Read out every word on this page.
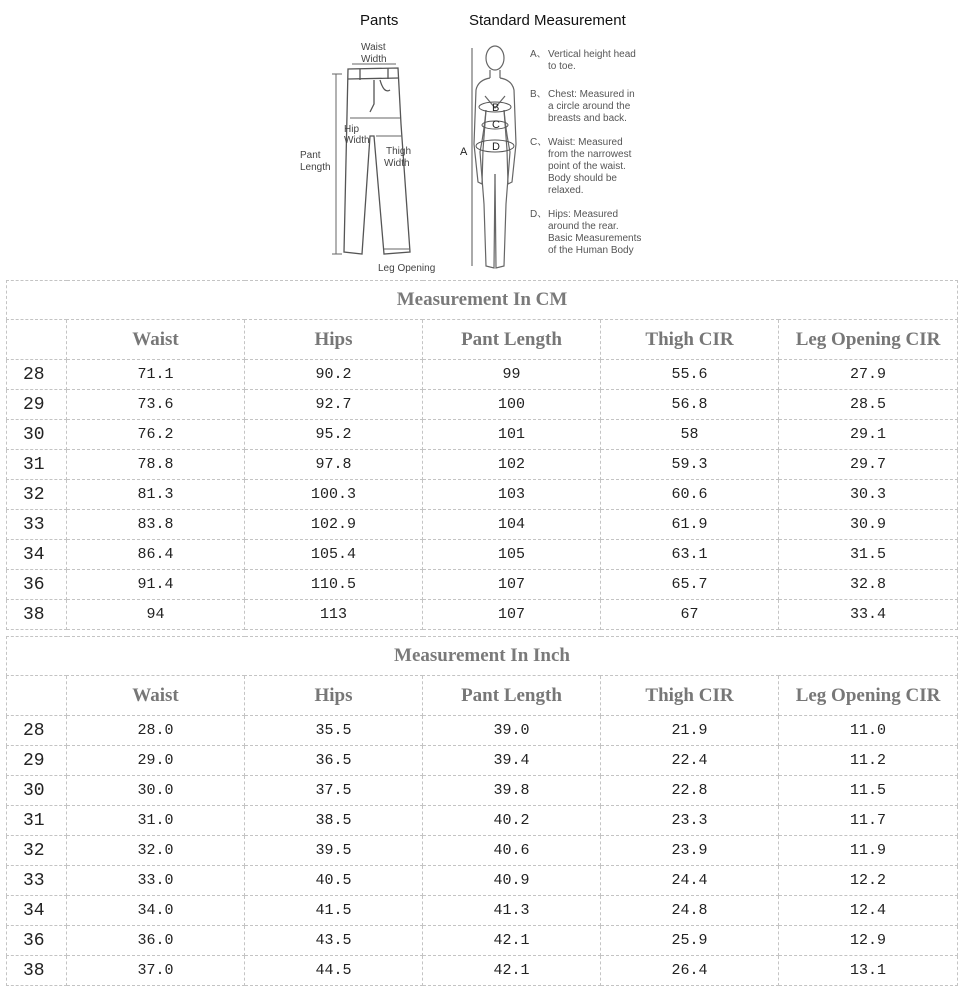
Pants	Standard Measurement
Waist
Width
Hip
Width
Thigh
Width
Pant
Length
Leg Opening
A
B
C
D
A、 Vertical height head
to toe.
B、 Chest: Measured in
a circle around the
breasts and back.
C、 Waist: Measured
from the narrowest
point of the waist.
Body should be
relaxed.
D、 Hips: Measured
around the rear.
Basic Measurements
of the Human Body
Measurement In CM					
	Waist	Hips	Pant Length	Thigh CIR	Leg Opening CIR
28	71.1	90.2	99	55.6	27.9
29	73.6	92.7	100	56.8	28.5
30	76.2	95.2	101	58	29.1
31	78.8	97.8	102	59.3	29.7
32	81.3	100.3	103	60.6	30.3
33	83.8	102.9	104	61.9	30.9
34	86.4	105.4	105	63.1	31.5
36	91.4	110.5	107	65.7	32.8
38	94	113	107	67	33.4
Measurement In Inch					
	Waist	Hips	Pant Length	Thigh CIR	Leg Opening CIR
28	28.0	35.5	39.0	21.9	11.0
29	29.0	36.5	39.4	22.4	11.2
30	30.0	37.5	39.8	22.8	11.5
31	31.0	38.5	40.2	23.3	11.7
32	32.0	39.5	40.6	23.9	11.9
33	33.0	40.5	40.9	24.4	12.2
34	34.0	41.5	41.3	24.8	12.4
36	36.0	43.5	42.1	25.9	12.9
38	37.0	44.5	42.1	26.4	13.1
